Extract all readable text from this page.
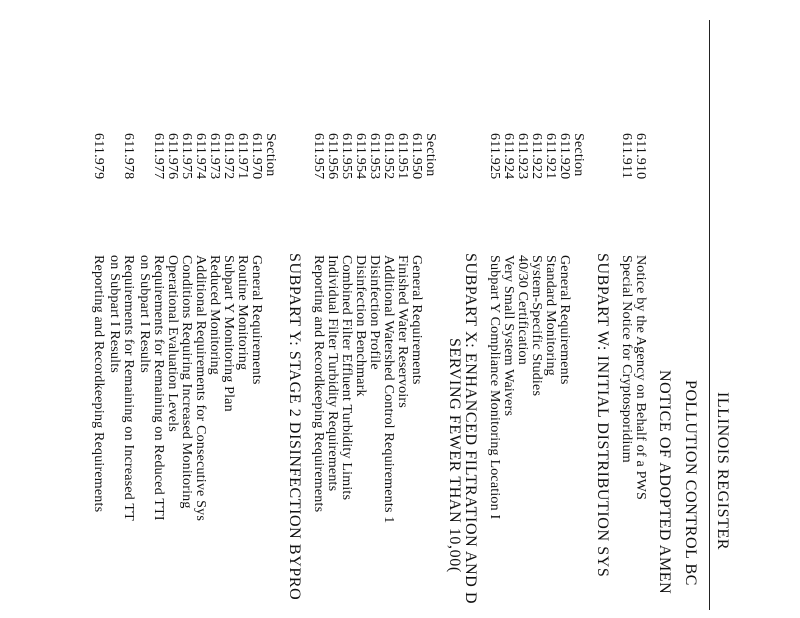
ILLINOIS REGISTER
POLLUTION CONTROL BC
NOTICE OF ADOPTED AMEN
611.910
Notice by the Agency on Behalf of a PWS
611.911
Special Notice for Cryptosporidium
SUBPART W: INITIAL DISTRIBUTION SYS
Section
611.920
General Requirements
611.921
Standard Monitoring
611.922
System-Specific Studies
611.923
40/30 Certification
611.924
Very Small System Waivers
611.925
Subpart Y Compliance Monitoring Location I
SUBPART X: ENHANCED FILTRATION AND D
SERVING FEWER THAN 10,00(
Section
611.950
General Requirements
611.951
Finished Water Reservoirs
611.952
Additional Watershed Control Requirements 1
611.953
Disinfection Profile
611.954
Disinfection Benchmark
611.955
Combined Filter Effluent Turbidity Limits
611.956
Individual Filter Turbidity Requirements
611.957
Reporting and Recordkeeping Requirements
SUBPART Y: STAGE 2 DISINFECTION BYPRO
Section
611.970
General Requirements
611.971
Routine Monitoring
611.972
Subpart Y Monitoring Plan
611.973
Reduced Monitoring
611.974
Additional Requirements for Consecutive Sys
611.975
Conditions Requiring Increased Monitoring
611.976
Operational Evaluation Levels
611.977
Requirements for Remaining on Reduced TTI
on Subpart I Results
611.978
Requirements for Remaining on Increased TT
on Subpart I Results
611.979
Reporting and Recordkeeping Requirements
